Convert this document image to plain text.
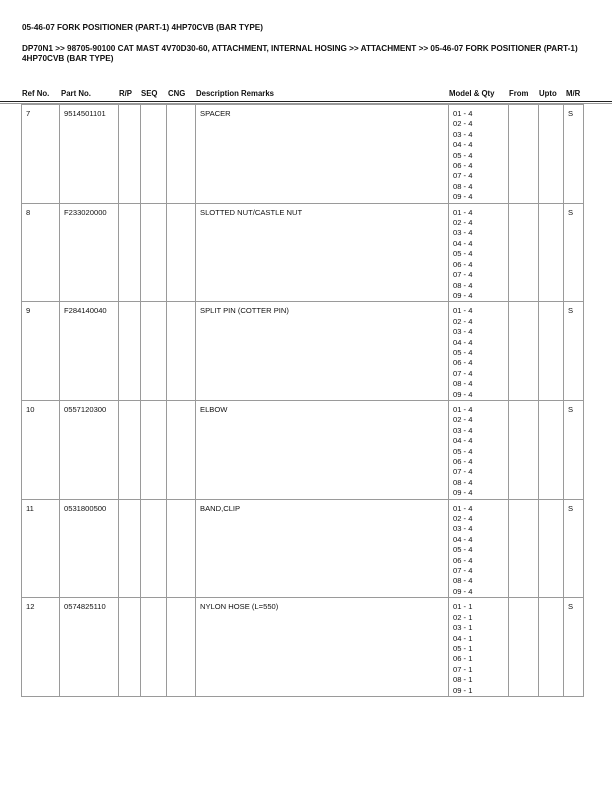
05-46-07 FORK POSITIONER (PART-1) 4HP70CVB (BAR TYPE)
DP70N1 >> 98705-90100 CAT MAST 4V70D30-60, ATTACHMENT, INTERNAL HOSING >> ATTACHMENT >> 05-46-07 FORK POSITIONER (PART-1) 4HP70CVB (BAR TYPE)
Ref No. Part No.	R/P SEQ CNG Description Remarks	Model & Qty From Upto M/R
7	9514501101				SPACER	01 - 4
02 - 4
03 - 4
04 - 4
05 - 4
06 - 4
07 - 4
08 - 4
09 - 4
			S
8	F233020000				SLOTTED NUT/CASTLE NUT	01 - 4
02 - 4
03 - 4
04 - 4
05 - 4
06 - 4
07 - 4
08 - 4
09 - 4
			S
9	F284140040				SPLIT PIN (COTTER PIN)	01 - 4
02 - 4
03 - 4
04 - 4
05 - 4
06 - 4
07 - 4
08 - 4
09 - 4
			S
10	0557120300				ELBOW	01 - 4
02 - 4
03 - 4
04 - 4
05 - 4
06 - 4
07 - 4
08 - 4
09 - 4
			S
11	0531800500				BAND,CLIP	01 - 4
02 - 4
03 - 4
04 - 4
05 - 4
06 - 4
07 - 4
08 - 4
09 - 4
			S
12	0574825110				NYLON HOSE (L=550)	01 - 1
02 - 1
03 - 1
04 - 1
05 - 1
06 - 1
07 - 1
08 - 1
09 - 1
			S
